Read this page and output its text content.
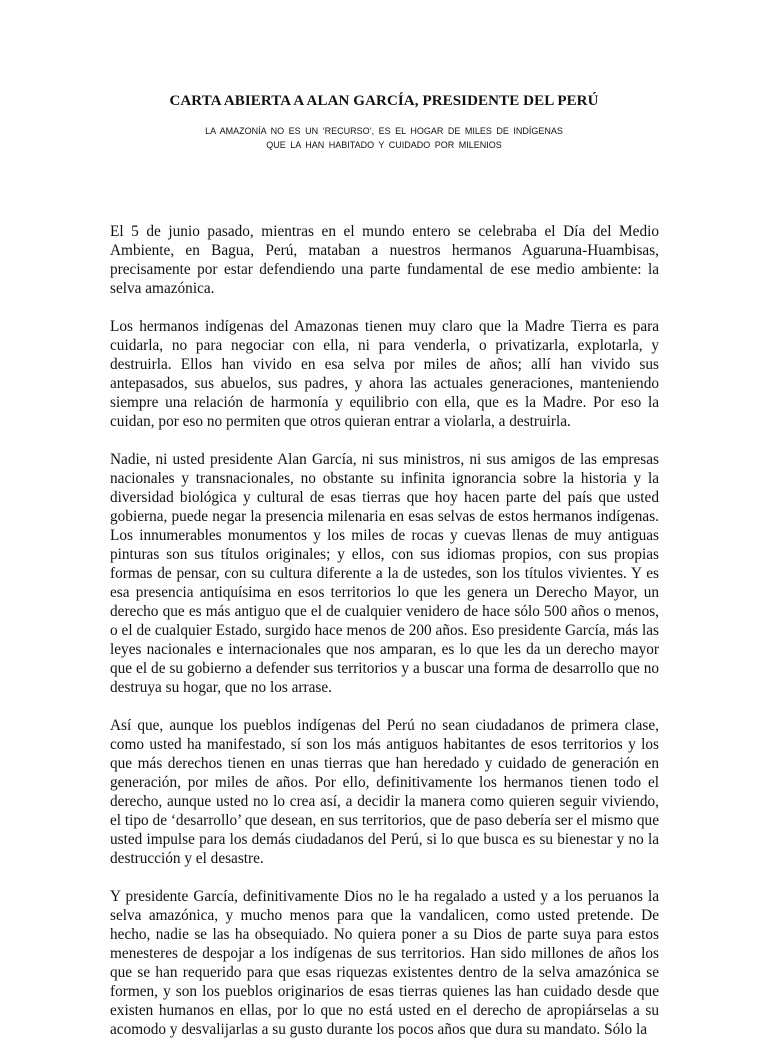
CARTA ABIERTA A ALAN GARCÍA, PRESIDENTE DEL PERÚ
LA AMAZONÍA NO ES UN ‘RECURSO’, ES EL HOGAR DE MILES DE INDÍGENAS
QUE LA HAN HABITADO Y CUIDADO POR MILENIOS

El 5 de junio pasado, mientras en el mundo entero se celebraba el Día del Medio Ambiente, en Bagua, Perú, mataban a nuestros hermanos Aguaruna-Huambisas, precisamente por estar defendiendo una parte fundamental de ese medio ambiente: la selva amazónica.

Los hermanos indígenas del Amazonas tienen muy claro que la Madre Tierra es para cuidarla, no para negociar con ella, ni para venderla, o privatizarla, explotarla, y destruirla. Ellos han vivido en esa selva por miles de años; allí han vivido sus antepasados, sus abuelos, sus padres, y ahora las actuales generaciones, manteniendo siempre una relación de harmonía y equilibrio con ella, que es la Madre. Por eso la cuidan, por eso no permiten que otros quieran entrar a violarla, a destruirla.

Nadie, ni usted presidente Alan García, ni sus ministros, ni sus amigos de las empresas nacionales y transnacionales, no obstante su infinita ignorancia sobre la historia y la diversidad biológica y cultural de esas tierras que hoy hacen parte del país que usted gobierna, puede negar la presencia milenaria en esas selvas de estos hermanos indígenas. Los innumerables monumentos y los miles de rocas y cuevas llenas de muy antiguas pinturas son sus títulos originales; y ellos, con sus idiomas propios, con sus propias formas de pensar, con su cultura diferente a la de ustedes, son los títulos vivientes. Y es esa presencia antiquísima en esos territorios lo que les genera un Derecho Mayor, un derecho que es más antiguo que el de cualquier venidero de hace sólo 500 años o menos, o el de cualquier Estado, surgido hace menos de 200 años. Eso presidente García, más las leyes nacionales e internacionales que nos amparan, es lo que les da un derecho mayor que el de su gobierno a defender sus territorios y a buscar una forma de desarrollo que no destruya su hogar, que no los arrase.

Así que, aunque los pueblos indígenas del Perú no sean ciudadanos de primera clase, como usted ha manifestado, sí son los más antiguos habitantes de esos territorios y los que más derechos tienen en unas tierras que han heredado y cuidado de generación en generación, por miles de años. Por ello, definitivamente los hermanos tienen todo el derecho, aunque usted no lo crea así, a decidir la manera como quieren seguir viviendo, el tipo de ‘desarrollo’ que desean, en sus territorios, que de paso debería ser el mismo que usted impulse para los demás ciudadanos del Perú, si lo que busca es su bienestar y no la destrucción y el desastre.

Y presidente García, definitivamente Dios no le ha regalado a usted y a los peruanos la selva amazónica, y mucho menos para que la vandalicen, como usted pretende. De hecho, nadie se las ha obsequiado. No quiera poner a su Dios de parte suya para estos menesteres de despojar a los indígenas de sus territorios. Han sido millones de años los que se han requerido para que esas riquezas existentes dentro de la selva amazónica se formen, y son los pueblos originarios de esas tierras quienes las han cuidado desde que existen humanos en ellas, por lo que no está usted en el derecho de apropiárselas a su acomodo y desvalijarlas a su gusto durante los pocos años que dura su mandato. Sólo la
